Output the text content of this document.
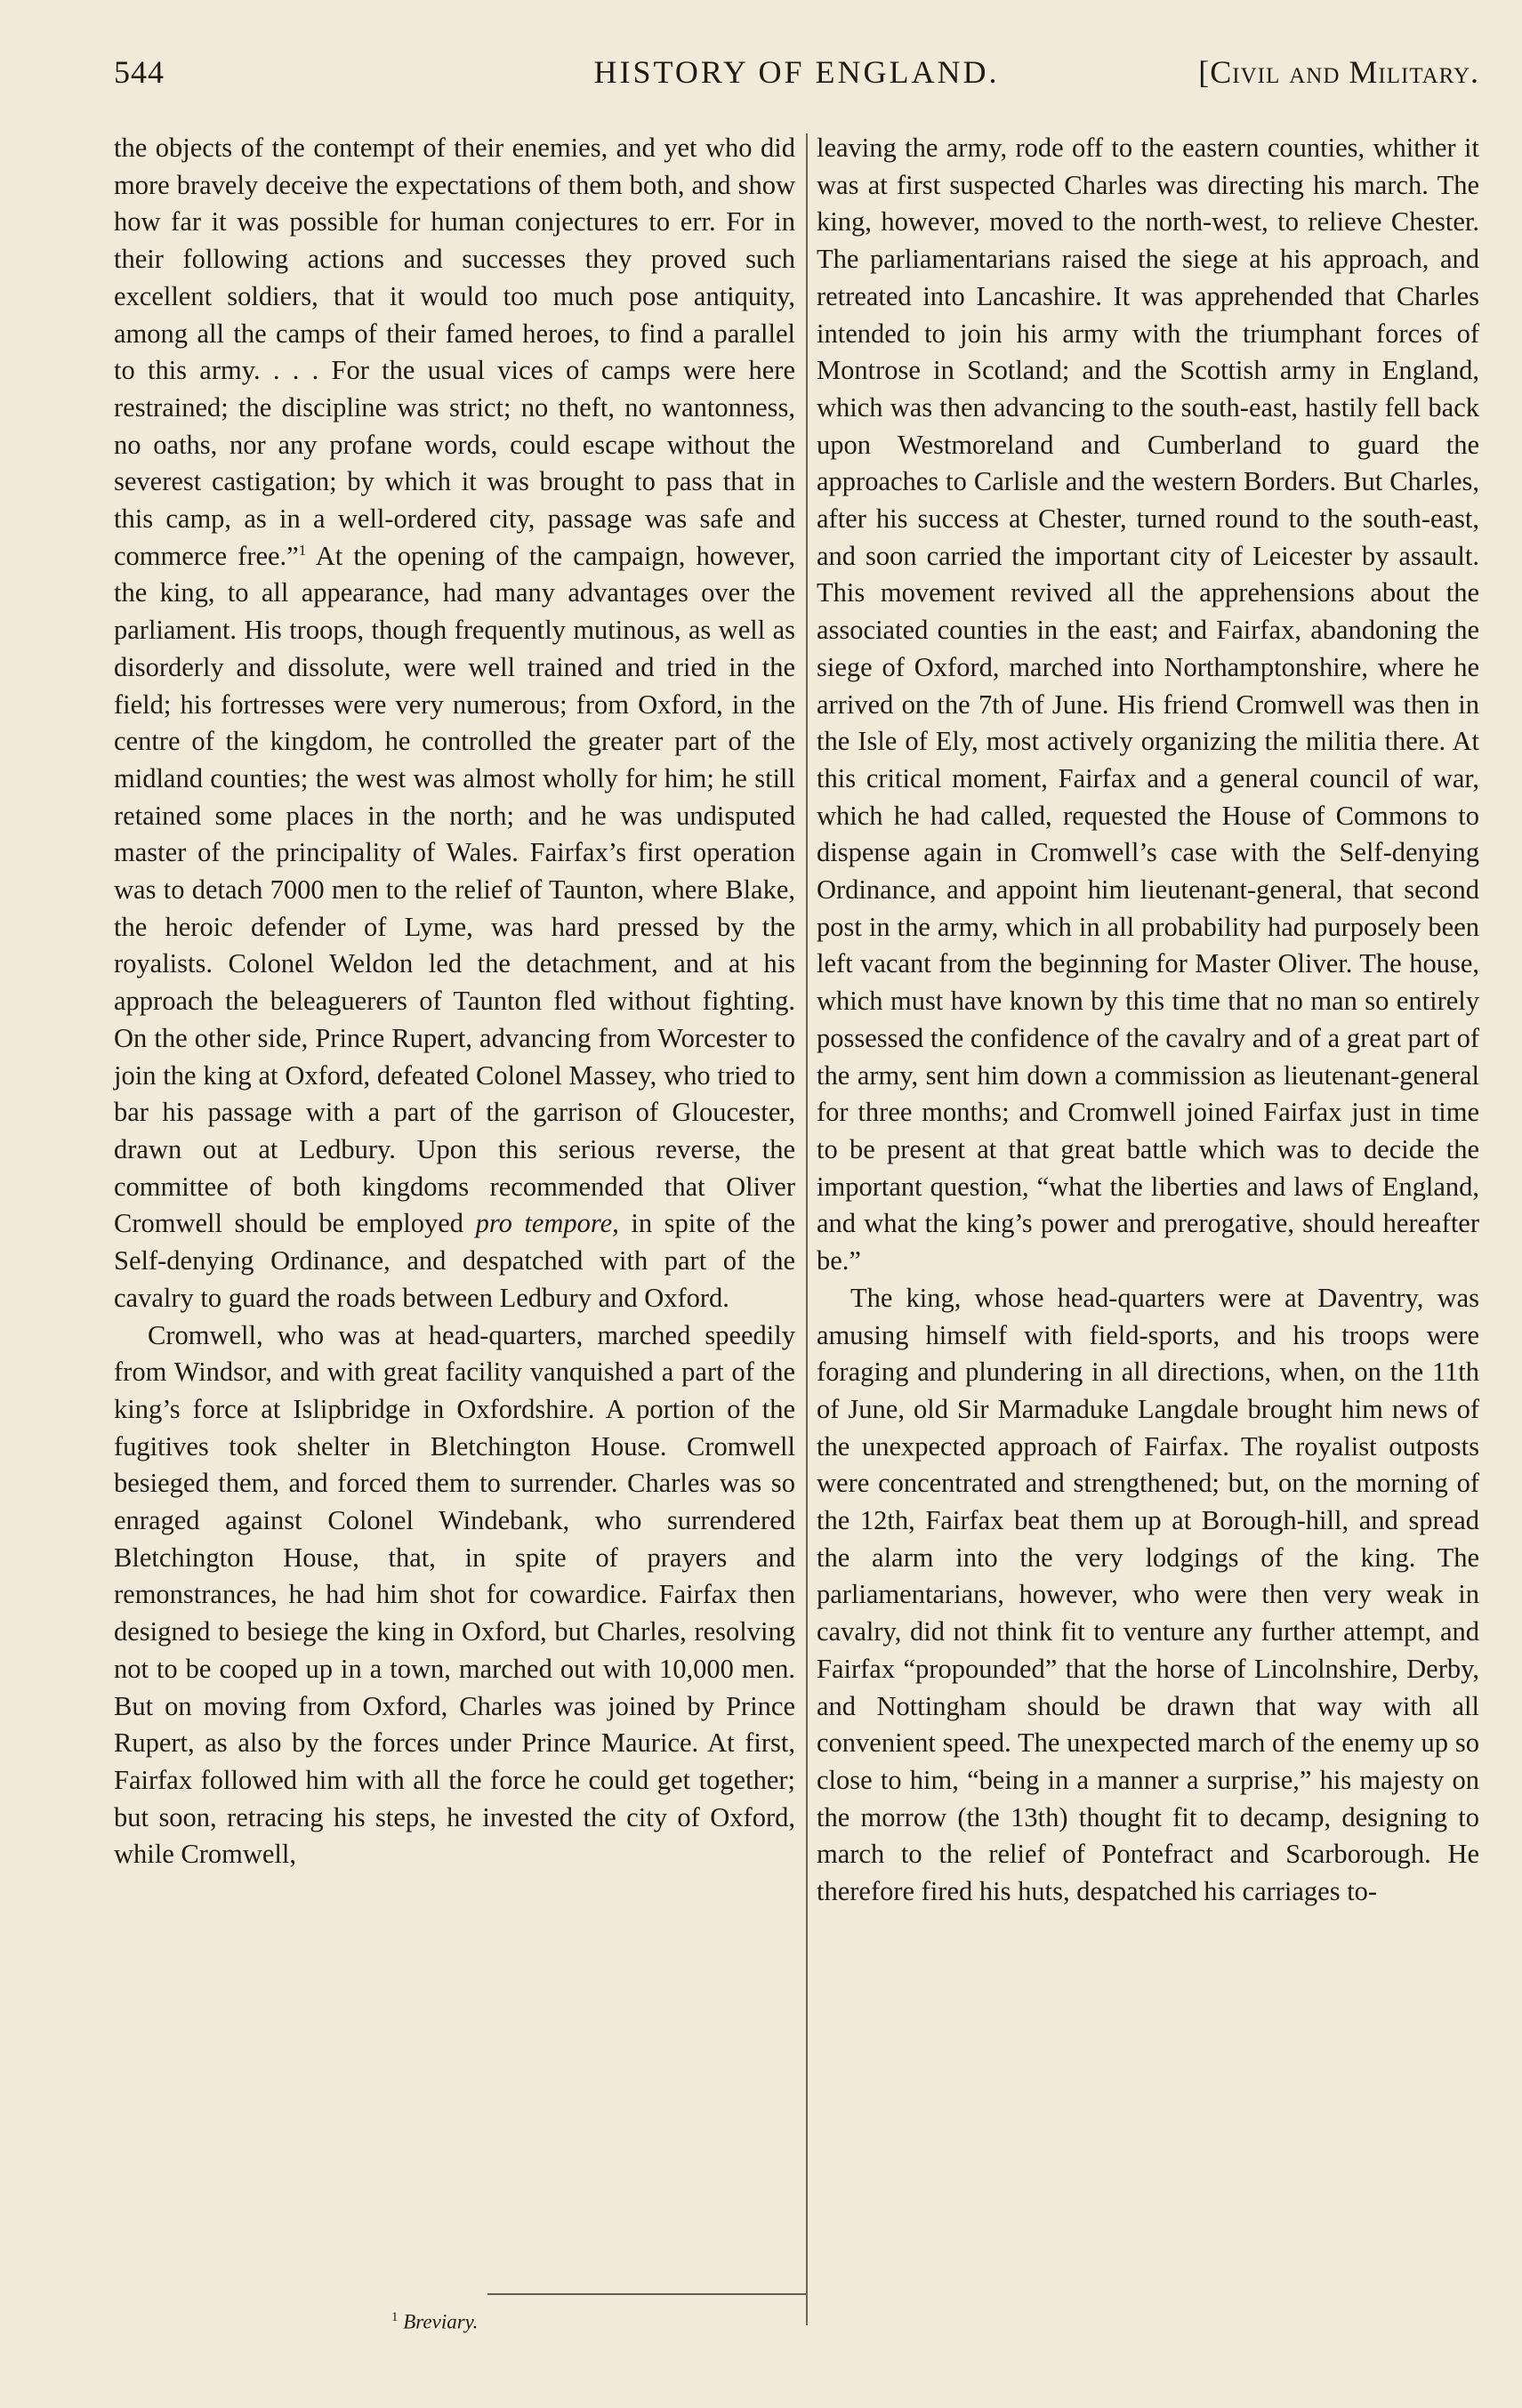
544	HISTORY OF ENGLAND.	[Civil and Military.

the objects of the contempt of their enemies, and yet who did more bravely deceive the expectations of them both, and show how far it was possible for human conjectures to err. For in their following actions and successes they proved such excellent soldiers, that it would too much pose antiquity, among all the camps of their famed heroes, to find a parallel to this army. . . . For the usual vices of camps were here restrained; the discipline was strict; no theft, no wantonness, no oaths, nor any profane words, could escape without the severest castigation; by which it was brought to pass that in this camp, as in a well-ordered city, passage was safe and commerce free.”$^1$ At the opening of the campaign, however, the king, to all appearance, had many advantages over the parliament. His troops, though frequently mutinous, as well as disorderly and dissolute, were well trained and tried in the field; his fortresses were very numerous; from Oxford, in the centre of the kingdom, he controlled the greater part of the midland counties; the west was almost wholly for him; he still retained some places in the north; and he was undisputed master of the principality of Wales. Fairfax’s first operation was to detach 7000 men to the relief of Taunton, where Blake, the heroic defender of Lyme, was hard pressed by the royalists. Colonel Weldon led the detachment, and at his approach the beleaguerers of Taunton fled without fighting. On the other side, Prince Rupert, advancing from Worcester to join the king at Oxford, defeated Colonel Massey, who tried to bar his passage with a part of the garrison of Gloucester, drawn out at Ledbury. Upon this serious reverse, the committee of both kingdoms recommended that Oliver Cromwell should be employed pro tempore, in spite of the Self-denying Ordinance, and despatched with part of the cavalry to guard the roads between Ledbury and Oxford.

Cromwell, who was at head-quarters, marched speedily from Windsor, and with great facility vanquished a part of the king’s force at Islipbridge in Oxfordshire. A portion of the fugitives took shelter in Bletchington House. Cromwell besieged them, and forced them to surrender. Charles was so enraged against Colonel Windebank, who surrendered Bletchington House, that, in spite of prayers and remonstrances, he had him shot for cowardice. Fairfax then designed to besiege the king in Oxford, but Charles, resolving not to be cooped up in a town, marched out with 10,000 men. But on moving from Oxford, Charles was joined by Prince Rupert, as also by the forces under Prince Maurice. At first, Fairfax followed him with all the force he could get together; but soon, retracing his steps, he invested the city of Oxford, while Cromwell,

leaving the army, rode off to the eastern counties, whither it was at first suspected Charles was directing his march. The king, however, moved to the north-west, to relieve Chester. The parliamentarians raised the siege at his approach, and retreated into Lancashire. It was apprehended that Charles intended to join his army with the triumphant forces of Montrose in Scotland; and the Scottish army in England, which was then advancing to the south-east, hastily fell back upon Westmoreland and Cumberland to guard the approaches to Carlisle and the western Borders. But Charles, after his success at Chester, turned round to the south-east, and soon carried the important city of Leicester by assault. This movement revived all the apprehensions about the associated counties in the east; and Fairfax, abandoning the siege of Oxford, marched into Northamptonshire, where he arrived on the 7th of June. His friend Cromwell was then in the Isle of Ely, most actively organizing the militia there. At this critical moment, Fairfax and a general council of war, which he had called, requested the House of Commons to dispense again in Cromwell’s case with the Self-denying Ordinance, and appoint him lieutenant-general, that second post in the army, which in all probability had purposely been left vacant from the beginning for Master Oliver. The house, which must have known by this time that no man so entirely possessed the confidence of the cavalry and of a great part of the army, sent him down a commission as lieutenant-general for three months; and Cromwell joined Fairfax just in time to be present at that great battle which was to decide the important question, “what the liberties and laws of England, and what the king’s power and prerogative, should hereafter be.”

The king, whose head-quarters were at Daventry, was amusing himself with field-sports, and his troops were foraging and plundering in all directions, when, on the 11th of June, old Sir Marmaduke Langdale brought him news of the unexpected approach of Fairfax. The royalist outposts were concentrated and strengthened; but, on the morning of the 12th, Fairfax beat them up at Borough-hill, and spread the alarm into the very lodgings of the king. The parliamentarians, however, who were then very weak in cavalry, did not think fit to venture any further attempt, and Fairfax “propounded” that the horse of Lincolnshire, Derby, and Nottingham should be drawn that way with all convenient speed. The unexpected march of the enemy up so close to him, “being in a manner a surprise,” his majesty on the morrow (the 13th) thought fit to decamp, designing to march to the relief of Pontefract and Scarborough. He therefore fired his huts, despatched his carriages to-

$^1$ Breviary.
